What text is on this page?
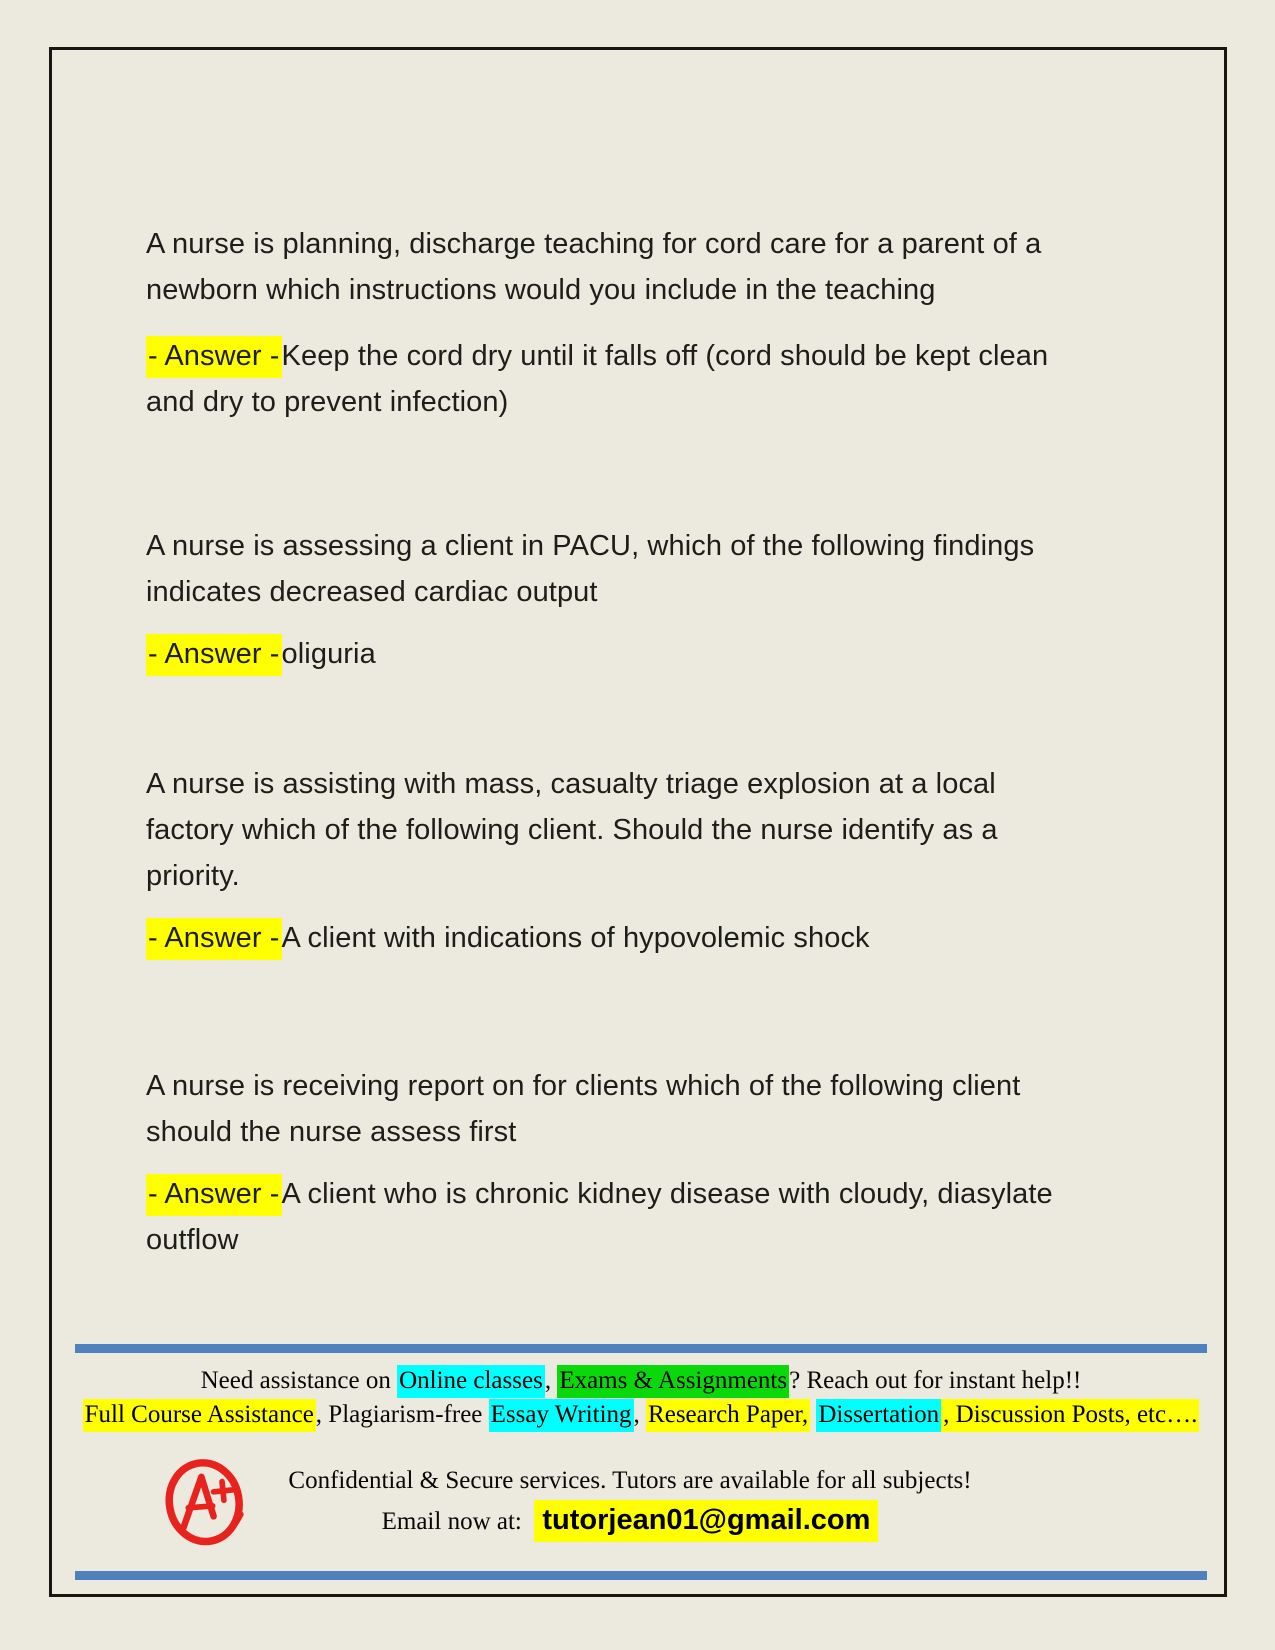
A nurse is planning, discharge teaching for cord care for a parent of a
newborn which instructions would you include in the teaching
- Answer -Keep the cord dry until it falls off (cord should be kept clean
and dry to prevent infection)
A nurse is assessing a client in PACU, which of the following findings
indicates decreased cardiac output
- Answer -oliguria
A nurse is assisting with mass, casualty triage explosion at a local
factory which of the following client. Should the nurse identify as a
priority.
- Answer -A client with indications of hypovolemic shock
A nurse is receiving report on for clients which of the following client
should the nurse assess first
- Answer -A client who is chronic kidney disease with cloudy, diasylate
outflow
Need assistance on Online classes, Exams & Assignments? Reach out for instant help!!
Full Course Assistance, Plagiarism-free Essay Writing, Research Paper, Dissertation , Discussion Posts, etc….
Confidential & Secure services. Tutors are available for all subjects!
Email now at: tutorjean01@gmail.com
